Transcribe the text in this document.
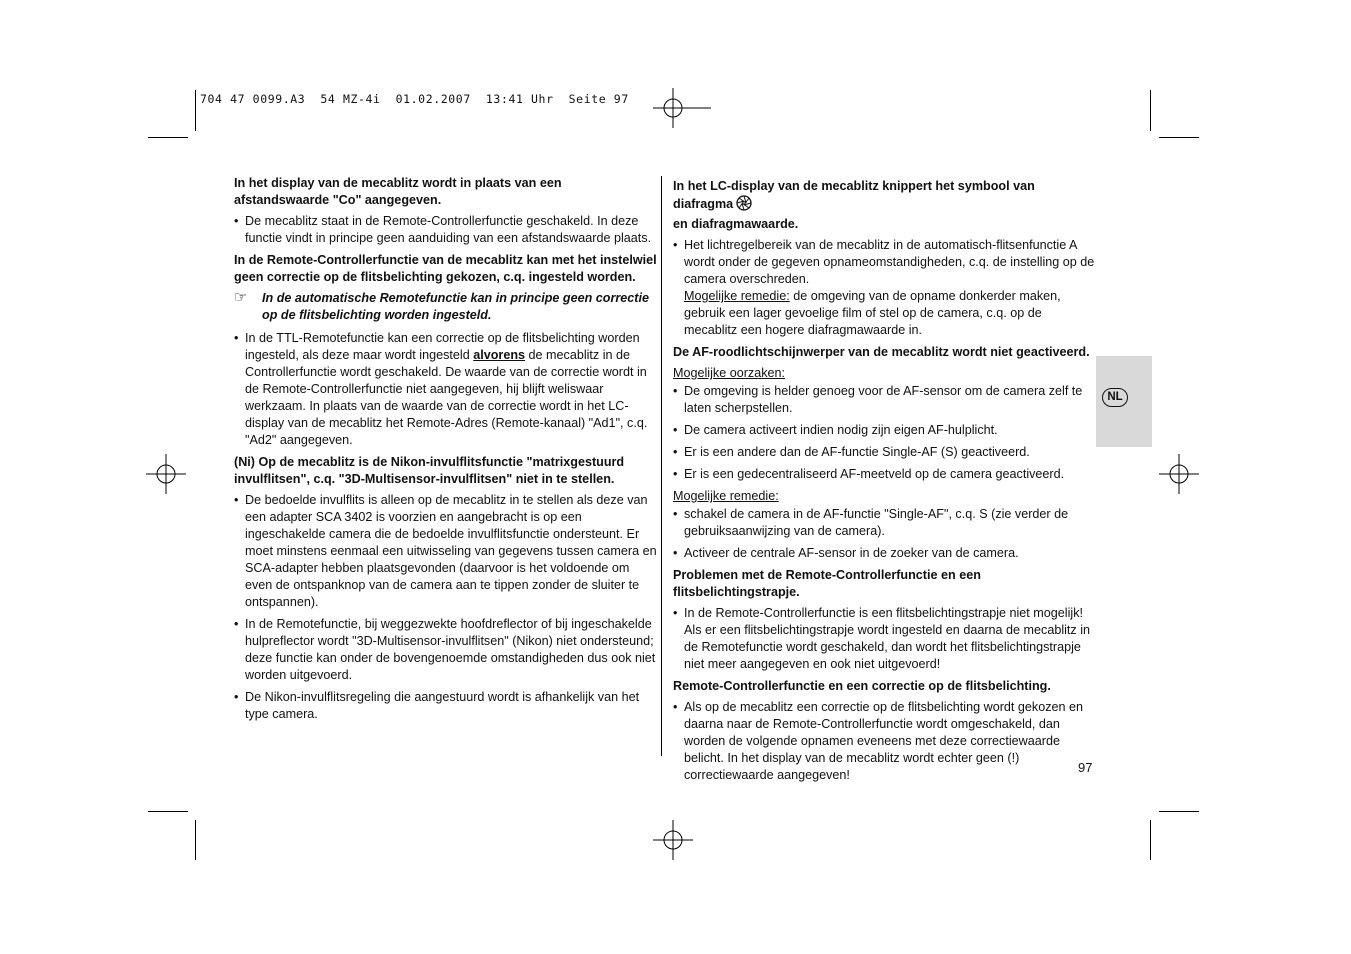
704 47 0099.A3  54 MZ-4i  01.02.2007  13:41 Uhr  Seite 97
In het display van de mecablitz wordt in plaats van een afstandswaarde "Co" aangegeven.
• De mecablitz staat in de Remote-Controllerfunctie geschakeld. In deze functie vindt in principe geen aanduiding van een afstandswaarde plaats.
In de Remote-Controllerfunctie van de mecablitz kan met het instelwiel geen correctie op de flitsbelichting gekozen, c.q. ingesteld worden.
☞ In de automatische Remotefunctie kan in principe geen correctie op de flitsbelichting worden ingesteld.
• In de TTL-Remotefunctie kan een correctie op de flitsbelichting worden ingesteld, als deze maar wordt ingesteld alvorens de mecablitz in de Controllerfunctie wordt geschakeld. De waarde van de correctie wordt in de Remote-Controllerfunctie niet aangegeven, hij blijft weliswaar werkzaam. In plaats van de waarde van de correctie wordt in het LC-display van de mecablitz het Remote-Adres (Remote-kanaal) "Ad1", c.q. "Ad2" aangegeven.
(Ni) Op de mecablitz is de Nikon-invulflitsfunctie "matrixgestuurd invulflitsen", c.q. "3D-Multisensor-invulflitsen" niet in te stellen.
• De bedoelde invulflits is alleen op de mecablitz in te stellen als deze van een adapter SCA 3402 is voorzien en aangebracht is op een ingeschakelde camera die de bedoelde invulflitsfunctie ondersteunt. Er moet minstens eenmaal een uitwisseling van gegevens tussen camera en SCA-adapter hebben plaatsgevonden (daarvoor is het voldoende om even de ontspanknop van de camera aan te tippen zonder de sluiter te ontspannen).
• In de Remotefunctie, bij weggezwekte hoofdreflector of bij ingeschakelde hulpreflector wordt "3D-Multisensor-invulflitsen" (Nikon) niet ondersteund; deze functie kan onder de bovengenoemde omstandigheden dus ook niet worden uitgevoerd.
• De Nikon-invulflitsregeling die aangestuurd wordt is afhankelijk van het type camera.
In het LC-display van de mecablitz knippert het symbool van diafragma
en diafragmawaarde.
• Het lichtregelbereik van de mecablitz in de automatisch-flitsenfunctie A wordt onder de gegeven opnameomstandigheden, c.q. de instelling op de camera overschreden.
Mogelijke remedie: de omgeving van de opname donkerder maken, gebruik een lager gevoelige film of stel op de camera, c.q. op de mecablitz een hogere diafragmawaarde in.
De AF-roodlichtschijnwerper van de mecablitz wordt niet geactiveerd.
Mogelijke oorzaken:
• De omgeving is helder genoeg voor de AF-sensor om de camera zelf te laten scherpstellen.
• De camera activeert indien nodig zijn eigen AF-hulplicht.
• Er is een andere dan de AF-functie Single-AF (S) geactiveerd.
• Er is een gedecentraliseerd AF-meetveld op de camera geactiveerd.
Mogelijke remedie:
• schakel de camera in de AF-functie "Single-AF", c.q. S (zie verder de gebruiksaanwijzing van de camera).
• Activeer de centrale AF-sensor in de zoeker van de camera.
Problemen met de Remote-Controllerfunctie en een flitsbelichtingstrapje.
• In de Remote-Controllerfunctie is een flitsbelichtingstrapje niet mogelijk! Als er een flitsbelichtingstrapje wordt ingesteld en daarna de mecablitz in de Remotefunctie wordt geschakeld, dan wordt het flitsbelichtingstrapje niet meer aangegeven en ook niet uitgevoerd!
Remote-Controllerfunctie en een correctie op de flitsbelichting.
• Als op de mecablitz een correctie op de flitsbelichting wordt gekozen en daarna naar de Remote-Controllerfunctie wordt omgeschakeld, dan worden de volgende opnamen eveneens met deze correctiewaarde belicht. In het display van de mecablitz wordt echter geen (!) correctiewaarde aangegeven!
NL
97
